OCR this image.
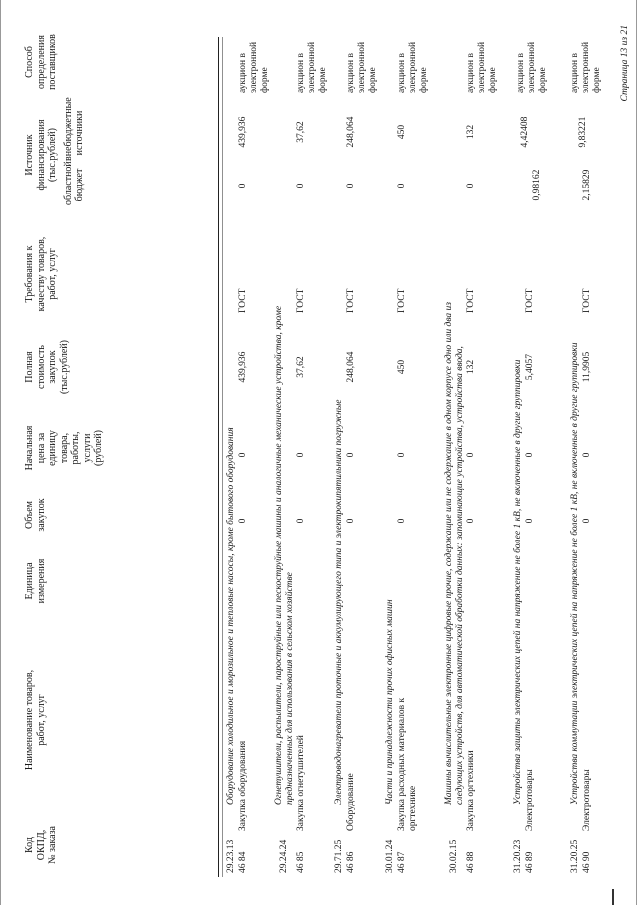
Код ОКПД, № заказа
Наименование товаров, работ, услуг
Единица измерения
Объем закупок
Начальная цена за единицу товара, работы, услуги (рублей)
Полная стоимость закупок (тыс.рублей)
Требования к качеству товаров, работ, услуг
Источник финансирования (тыс.рублей)
областной бюджет
внебюджетные источники
Способ определения поставщиков
29.23.13
Оборудование холодильное и морозильное и тепловые насосы, кроме бытового оборудования
46 84
Закупка оборудования
0
0
439,936
ГОСТ
0
439,936
аукцион в электронной форме
29.24.24
Огнетушители, распылители, пароструйные или пескоструйные машины и аналогичные механические устройства, кроме предназначенных для использования в сельском хозяйстве
46 85
Закупка огнетушителей
0
0
37,62
ГОСТ
0
37,62
аукцион в электронной форме
29.71.25
Электроводонагреватели проточные и аккумулирующего типа и электрокипятильники погружные
46 86
Оборудование
0
0
248,064
ГОСТ
0
248,064
аукцион в электронной форме
30.01.24
Части и принадлежности прочих офисных машин
46 87
Закупка расходных материалов к оргтехнике
0
0
450
ГОСТ
0
450
аукцион в электронной форме
30.02.15
Машины вычислительные электронные цифровые прочие, содержащие или не содержащие в одном корпусе одно или два из следующих устройств, для автоматической обработки данных: запоминающие устройства, устройства ввода,
46 88
Закупка оргтехники
0
0
132
ГОСТ
0
132
аукцион в электронной форме
31.20.23
Устройства защиты электрических цепей на напряжение не более 1 кВ, не включенные в другие группировки
46 89
Электротовары
0
0
5,4057
ГОСТ
0,98162
4,42408
аукцион в электронной форме
31.20.25
Устройства коммутации электрических цепей на напряжение не более 1 кВ, не включенные в другие группировки
46 90
Электротовары
0
0
11,9905
ГОСТ
2,15829
9,83221
аукцион в электронной форме Страница 13 из 21
